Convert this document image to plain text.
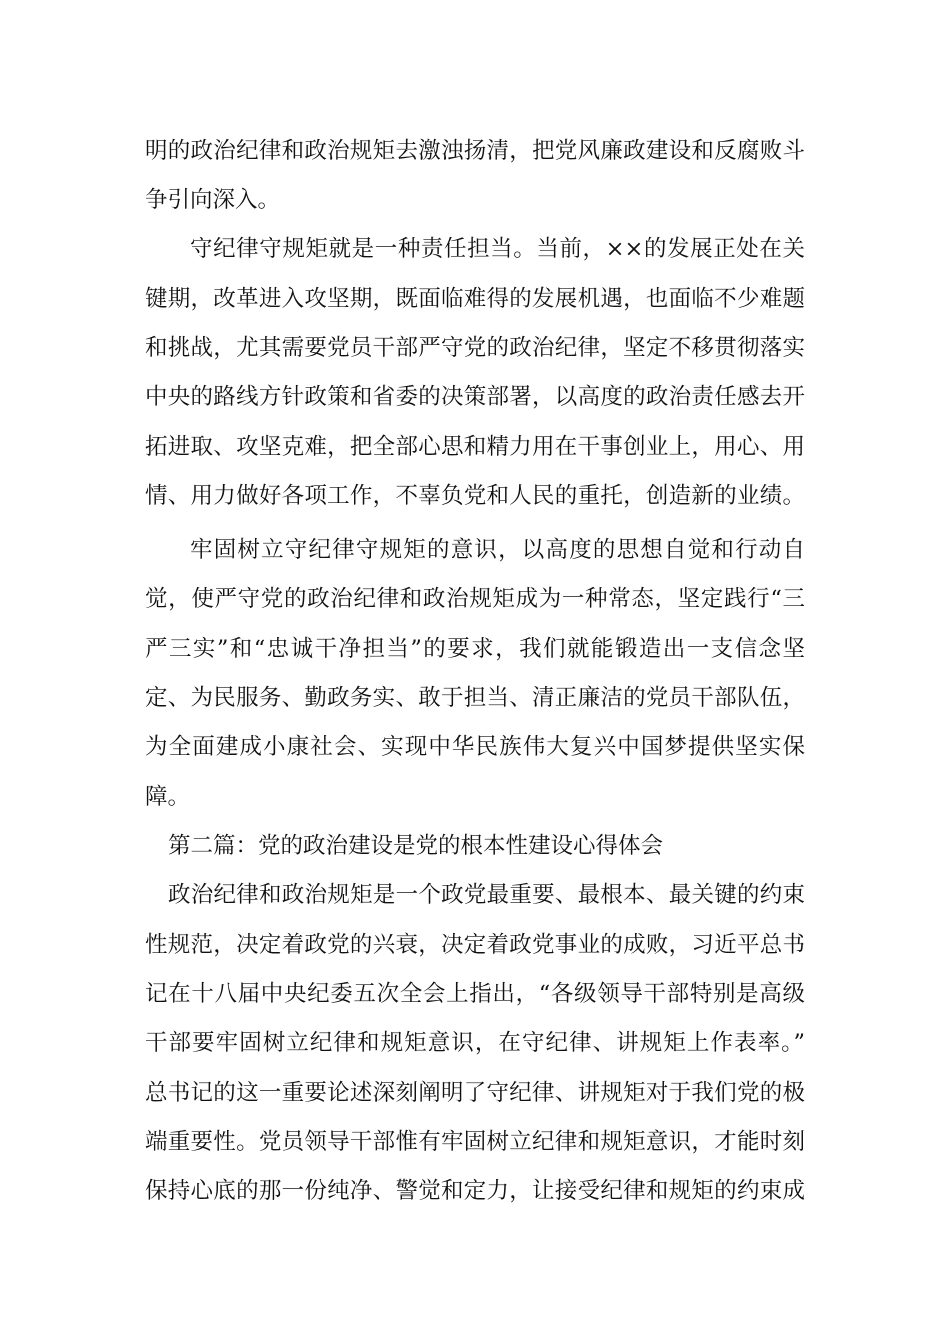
明的政治纪律和政治规矩去激浊扬清，把党风廉政建设和反腐败斗
争引向深入。
守纪律守规矩就是一种责任担当。当前，××的发展正处在关
键期，改革进入攻坚期，既面临难得的发展机遇，也面临不少难题
和挑战，尤其需要党员干部严守党的政治纪律，坚定不移贯彻落实
中央的路线方针政策和省委的决策部署，以高度的政治责任感去开
拓进取、攻坚克难，把全部心思和精力用在干事创业上，用心、用
情、用力做好各项工作，不辜负党和人民的重托，创造新的业绩。
牢固树立守纪律守规矩的意识，以高度的思想自觉和行动自
觉，使严守党的政治纪律和政治规矩成为一种常态，坚定践行“三
严三实”和“忠诚干净担当”的要求，我们就能锻造出一支信念坚
定、为民服务、勤政务实、敢于担当、清正廉洁的党员干部队伍，
为全面建成小康社会、实现中华民族伟大复兴中国梦提供坚实保
障。
第二篇：党的政治建设是党的根本性建设心得体会
政治纪律和政治规矩是一个政党最重要、最根本、最关键的约束
性规范，决定着政党的兴衰，决定着政党事业的成败，习近平总书
记在十八届中央纪委五次全会上指出，“各级领导干部特别是高级
干部要牢固树立纪律和规矩意识，在守纪律、讲规矩上作表率。”
总书记的这一重要论述深刻阐明了守纪律、讲规矩对于我们党的极
端重要性。党员领导干部惟有牢固树立纪律和规矩意识，才能时刻
保持心底的那一份纯净、警觉和定力，让接受纪律和规矩的约束成
